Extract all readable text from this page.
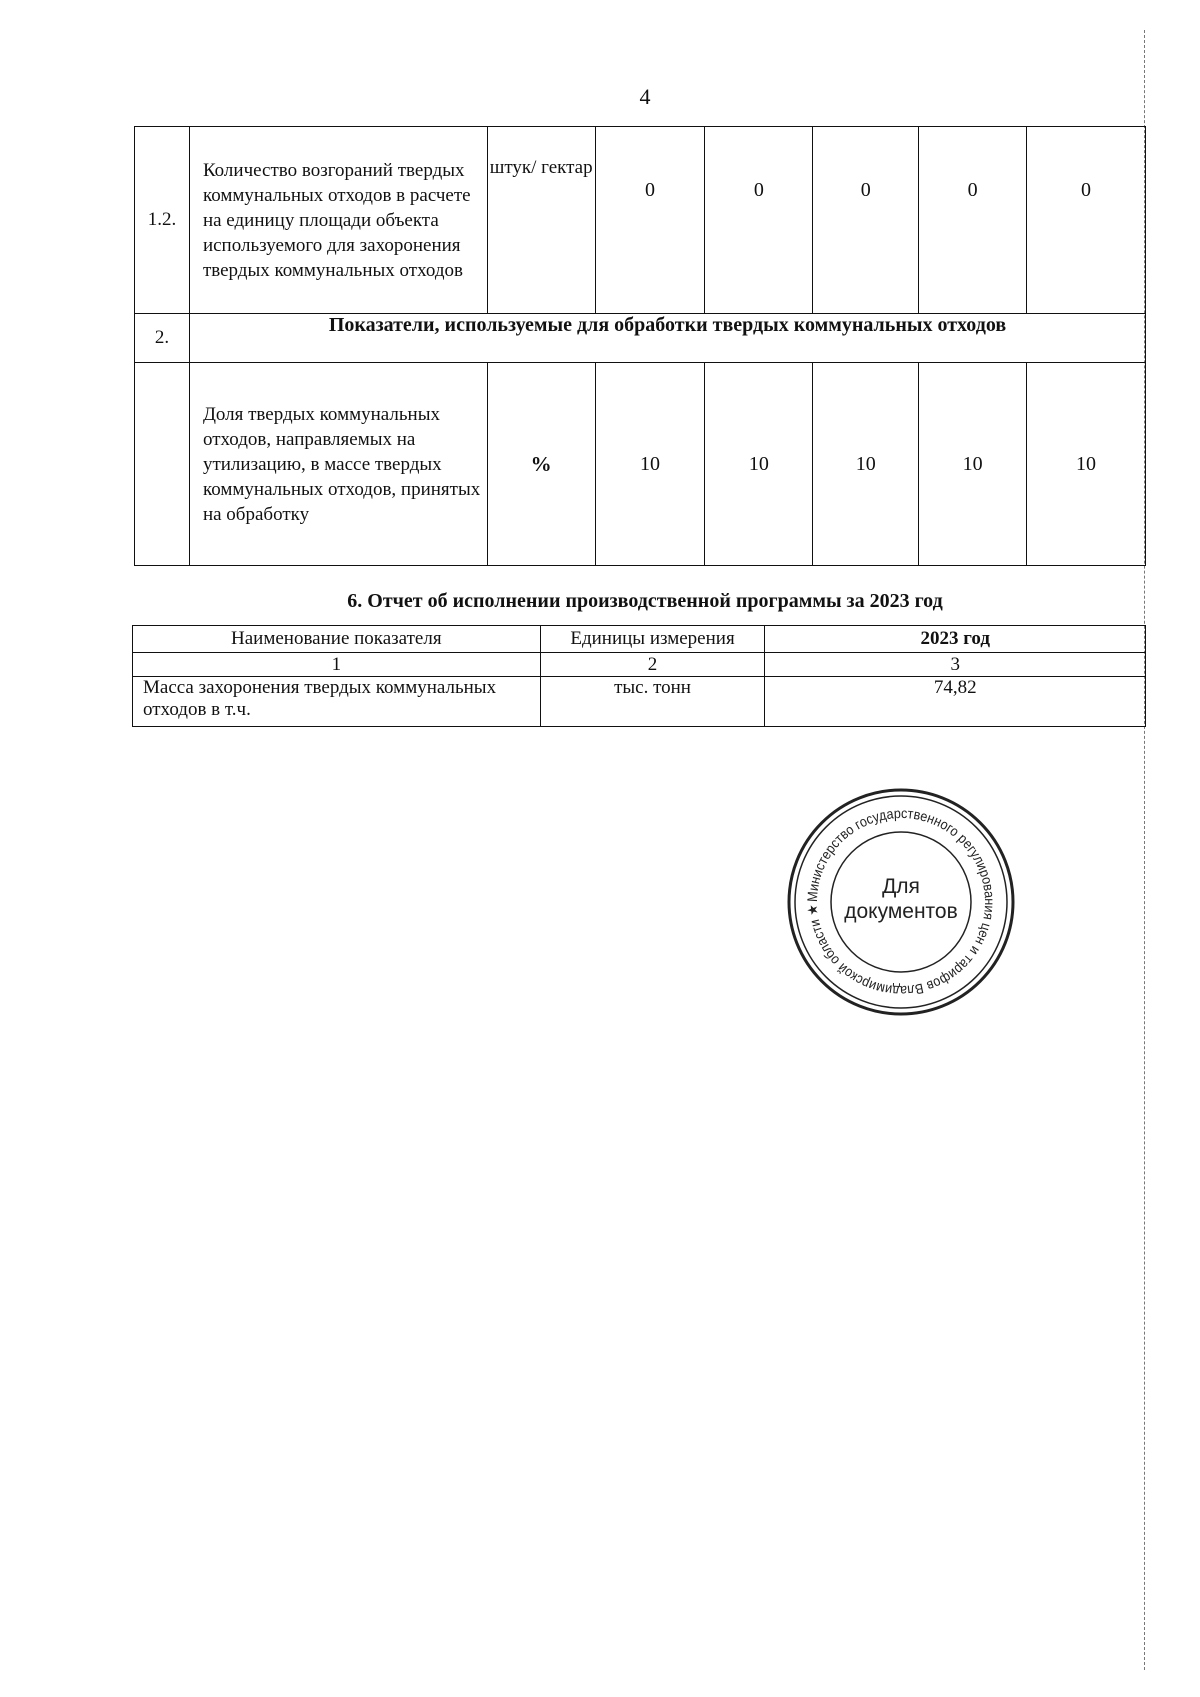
4
1.2.	Количество возгораний твердых коммунальных отходов в расчете на единицу площади объекта используемого для захоронения твердых коммунальных отходов	штук/ гектар	0	0	0	0	0
2.	Показатели, используемые для обработки твердых коммунальных отходов						
	Доля твердых коммунальных отходов, направляемых на утилизацию, в массе твердых коммунальных отходов, принятых на обработку	%	10	10	10	10	10
6. Отчет об исполнении производственной программы за 2023 год
Наименование показателя	Единицы измерения	2023 год
1	2	3
Масса захоронения твердых коммунальных отходов в т.ч.	тыс. тонн	74,82
Министерство государственного регулирования цен и тарифов Владимирской области ★
Для
документов
